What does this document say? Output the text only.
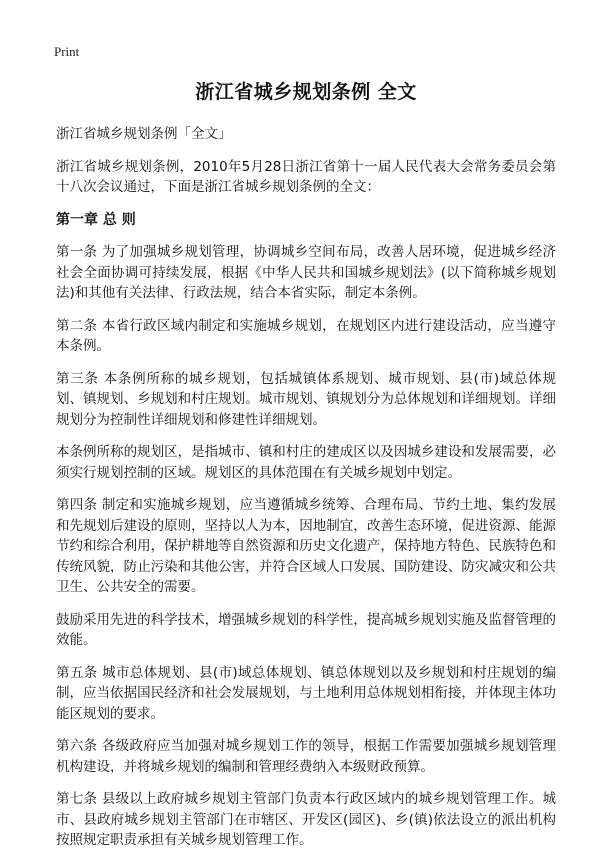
Print
浙江省城乡规划条例 全文

浙江省城乡规划条例「全文」

浙江省城乡规划条例，2010年5月28日浙江省第十一届人民代表大会常务委员会第十八次会议通过，下面是浙江省城乡规划条例的全文：

第一章 总 则

第一条 为了加强城乡规划管理，协调城乡空间布局，改善人居环境，促进城乡经济社会全面协调可持续发展，根据《中华人民共和国城乡规划法》(以下简称城乡规划法)和其他有关法律、行政法规，结合本省实际，制定本条例。

第二条 本省行政区域内制定和实施城乡规划，在规划区内进行建设活动，应当遵守本条例。

第三条 本条例所称的城乡规划，包括城镇体系规划、城市规划、县(市)域总体规划、镇规划、乡规划和村庄规划。城市规划、镇规划分为总体规划和详细规划。详细规划分为控制性详细规划和修建性详细规划。

本条例所称的规划区，是指城市、镇和村庄的建成区以及因城乡建设和发展需要，必须实行规划控制的区域。规划区的具体范围在有关城乡规划中划定。

第四条 制定和实施城乡规划，应当遵循城乡统筹、合理布局、节约土地、集约发展和先规划后建设的原则，坚持以人为本，因地制宜，改善生态环境，促进资源、能源节约和综合利用，保护耕地等自然资源和历史文化遗产，保持地方特色、民族特色和传统风貌，防止污染和其他公害，并符合区域人口发展、国防建设、防灾减灾和公共卫生、公共安全的需要。

鼓励采用先进的科学技术，增强城乡规划的科学性，提高城乡规划实施及监督管理的效能。

第五条 城市总体规划、县(市)域总体规划、镇总体规划以及乡规划和村庄规划的编制，应当依据国民经济和社会发展规划，与土地利用总体规划相衔接，并体现主体功能区规划的要求。

第六条 各级政府应当加强对城乡规划工作的领导，根据工作需要加强城乡规划管理机构建设，并将城乡规划的编制和管理经费纳入本级财政预算。

第七条 县级以上政府城乡规划主管部门负责本行政区域内的城乡规划管理工作。城市、县政府城乡规划主管部门在市辖区、开发区(园区)、乡(镇)依法设立的派出机构按照规定职责承担有关城乡规划管理工作。
